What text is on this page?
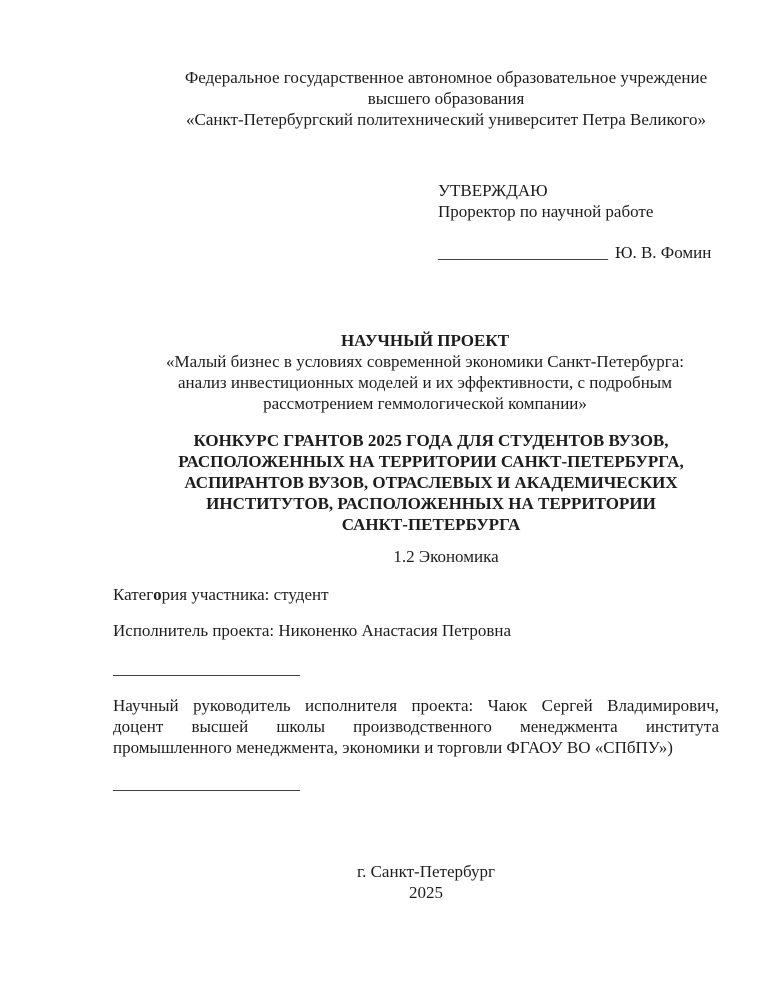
Федеральное государственное автономное образовательное учреждение
высшего образования
«Санкт-Петербургский политехнический университет Петра Великого»
УТВЕРЖДАЮ
Проректор по научной работе
____________________ Ю. В. Фомин
НАУЧНЫЙ ПРОЕКТ
«Малый бизнес в условиях современной экономики Санкт-Петербурга:
анализ инвестиционных моделей и их эффективности, с подробным
рассмотрением геммологической компании»
КОНКУРС ГРАНТОВ 2025 ГОДА ДЛЯ СТУДЕНТОВ ВУЗОВ,
РАСПОЛОЖЕННЫХ НА ТЕРРИТОРИИ САНКТ-ПЕТЕРБУРГА,
АСПИРАНТОВ ВУЗОВ, ОТРАСЛЕВЫХ И АКАДЕМИЧЕСКИХ
ИНСТИТУТОВ, РАСПОЛОЖЕННЫХ НА ТЕРРИТОРИИ
САНКТ-ПЕТЕРБУРГА
1.2 Экономика
Категория участника: студент
Исполнитель проекта: Никоненко Анастасия Петровна
______________________
Научный руководитель исполнителя проекта: Чаюк Сергей Владимирович,
доцент высшей школы производственного менеджмента института
промышленного менеджмента, экономики и торговли ФГАОУ ВО «СПбПУ»)
______________________
г. Санкт-Петербург
2025
